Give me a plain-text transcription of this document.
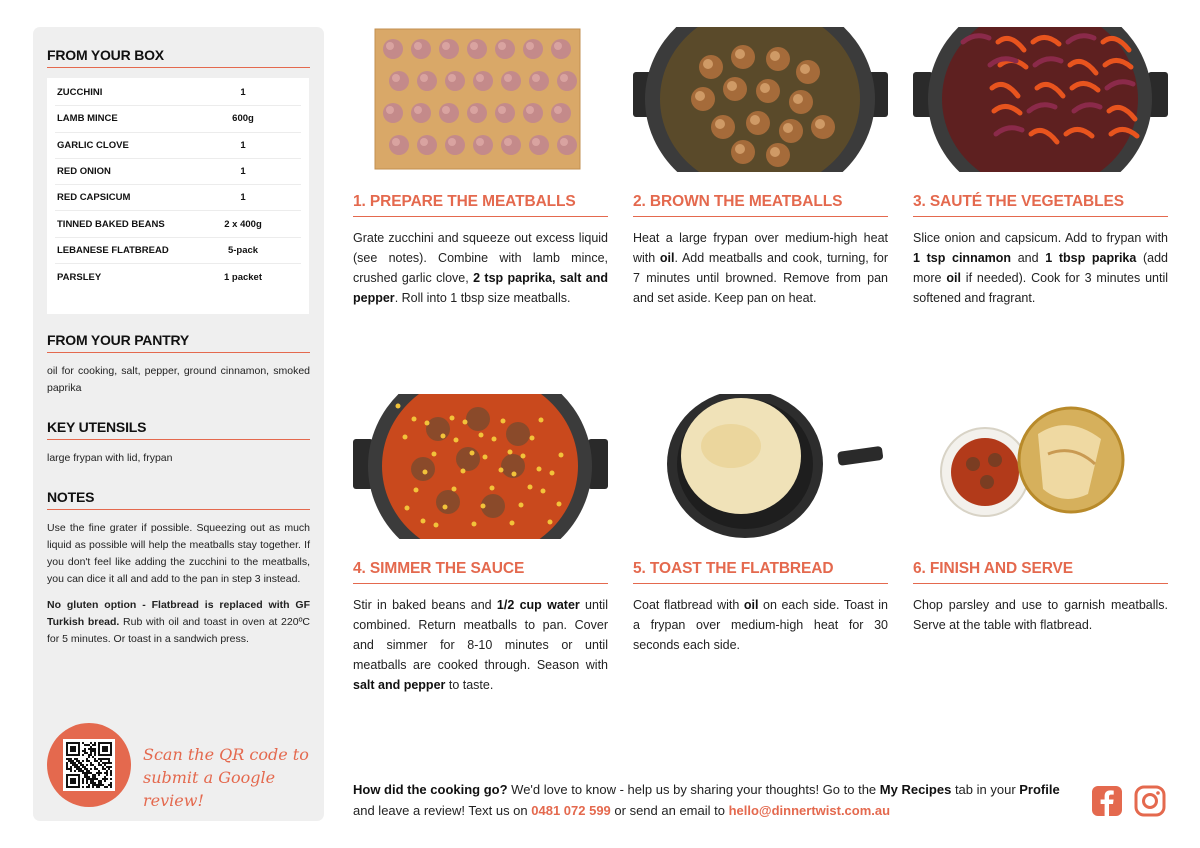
FROM YOUR BOX
ZUCCHINI	1
LAMB MINCE	600g
GARLIC CLOVE	1
RED ONION	1
RED CAPSICUM	1
TINNED BAKED BEANS	2 x 400g
LEBANESE FLATBREAD	5-pack
PARSLEY	1 packet
FROM YOUR PANTRY
oil for cooking, salt, pepper, ground cinnamon, smoked paprika
KEY UTENSILS
large frypan with lid, frypan
NOTES
Use the fine grater if possible. Squeezing out as much liquid as possible will help the meatballs stay together. If you don't feel like adding the zucchini to the meatballs, you can dice it all and add to the pan in step 3 instead.
No gluten option - Flatbread is replaced with GF Turkish bread. Rub with oil and toast in oven at 220ºC for 5 minutes. Or toast in a sandwich press.
Scan the QR code to
submit a Google review!
1. PREPARE THE MEATBALLS
Grate zucchini and squeeze out excess liquid (see notes). Combine with lamb mince, crushed garlic clove, 2 tsp paprika, salt and pepper. Roll into 1 tbsp size meatballs.
2. BROWN THE MEATBALLS
Heat a large frypan over medium-high heat with oil. Add meatballs and cook, turning, for 7 minutes until browned. Remove from pan and set aside. Keep pan on heat.
3. SAUTÉ THE VEGETABLES
Slice onion and capsicum. Add to frypan with 1 tsp cinnamon and 1 tbsp paprika (add more oil if needed). Cook for 3 minutes until softened and fragrant.
4. SIMMER THE SAUCE
Stir in baked beans and 1/2 cup water until combined. Return meatballs to pan. Cover and simmer for 8-10 minutes or until meatballs are cooked through. Season with salt and pepper to taste.
5. TOAST THE FLATBREAD
Coat flatbread with oil on each side. Toast in a frypan over medium-high heat for 30 seconds each side.
6. FINISH AND SERVE
Chop parsley and use to garnish meatballs. Serve at the table with flatbread.
How did the cooking go? We'd love to know - help us by sharing your thoughts! Go to the My Recipes tab in your Profile and leave a review! Text us on 0481 072 599 or send an email to hello@dinnertwist.com.au
